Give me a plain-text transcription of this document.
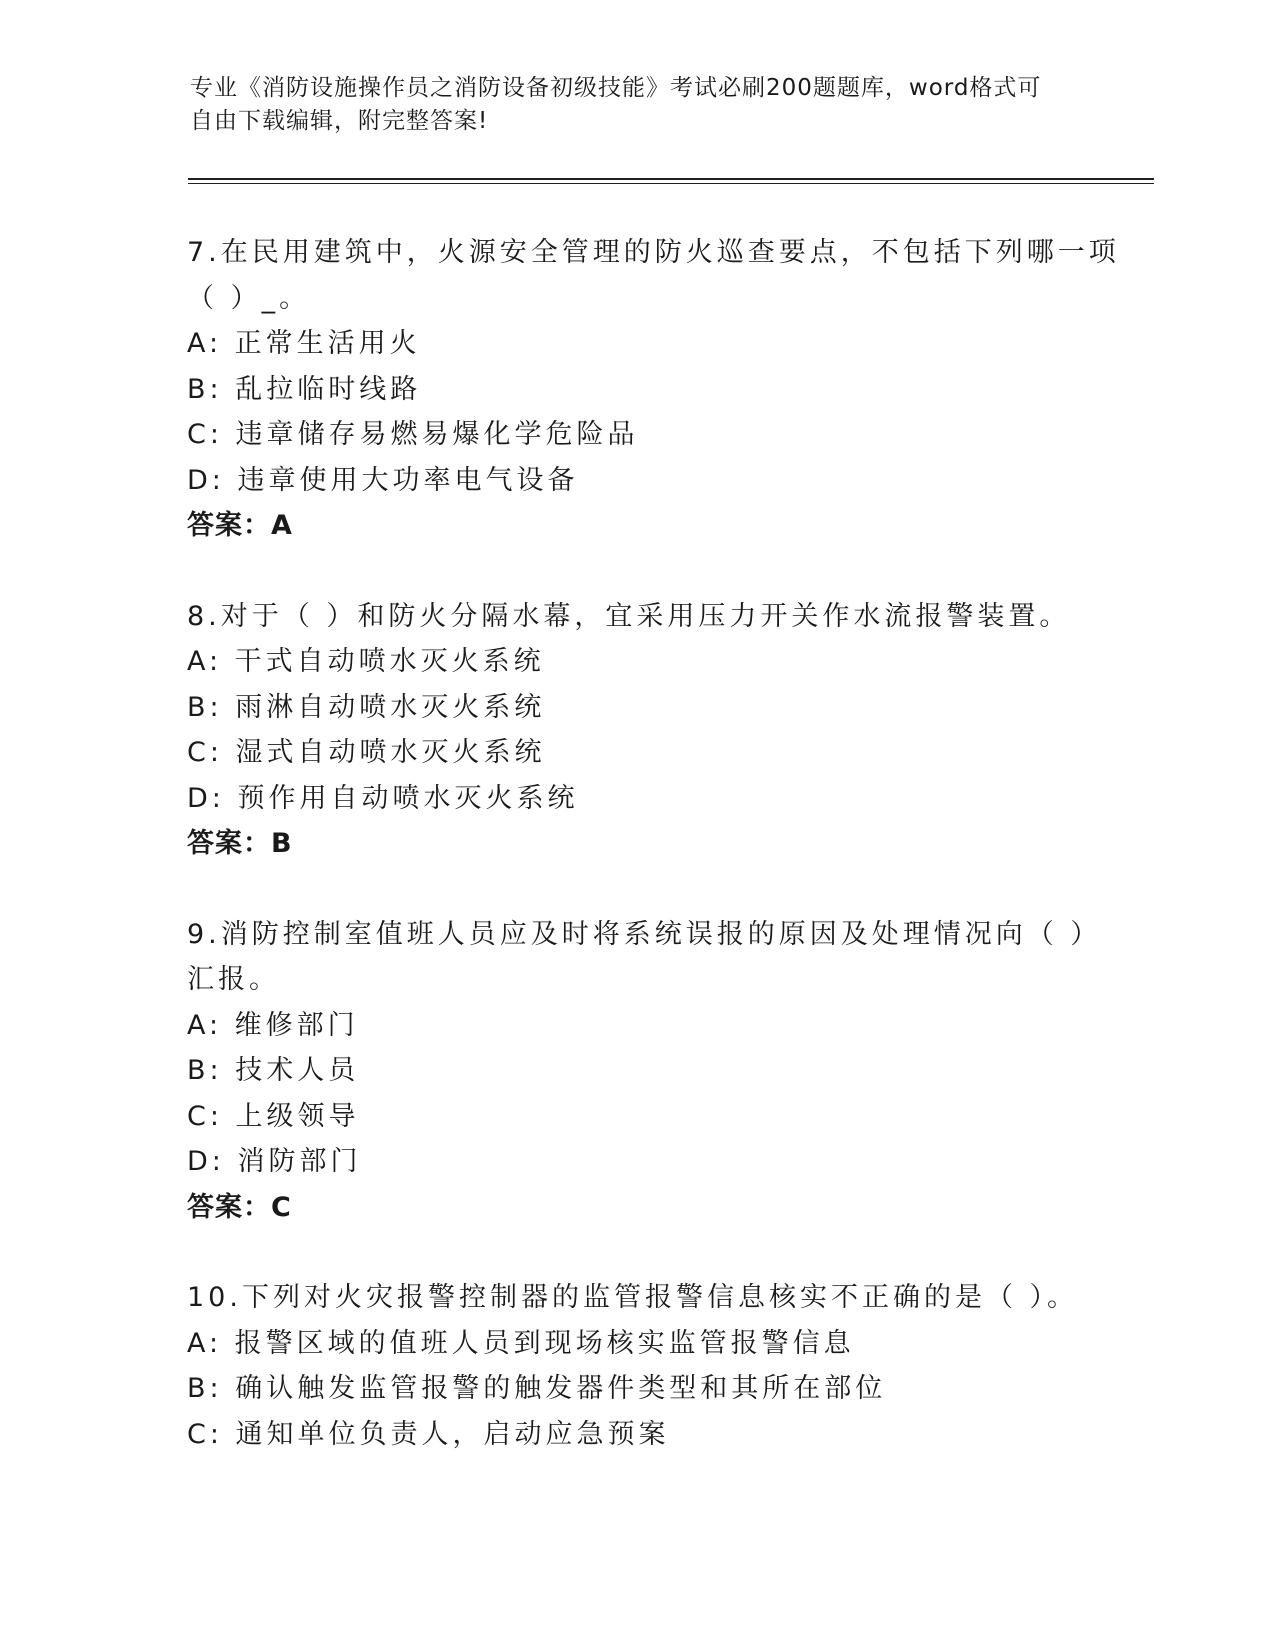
专业《消防设施操作员之消防设备初级技能》考试必刷200题题库，word格式可
自由下载编辑，附完整答案!
7.在民用建筑中，火源安全管理的防火巡查要点，不包括下列哪一项
（ ）_。
A: 正常生活用火
B: 乱拉临时线路
C: 违章储存易燃易爆化学危险品
D: 违章使用大功率电气设备
答案：A
8.对于（ ）和防火分隔水幕，宜采用压力开关作水流报警装置。
A: 干式自动喷水灭火系统
B: 雨淋自动喷水灭火系统
C: 湿式自动喷水灭火系统
D: 预作用自动喷水灭火系统
答案：B
9.消防控制室值班人员应及时将系统误报的原因及处理情况向（ ）
汇报。
A: 维修部门
B: 技术人员
C: 上级领导
D: 消防部门
答案：C
10.下列对火灾报警控制器的监管报警信息核实不正确的是（ ）。
A: 报警区域的值班人员到现场核实监管报警信息
B: 确认触发监管报警的触发器件类型和其所在部位
C: 通知单位负责人，启动应急预案
